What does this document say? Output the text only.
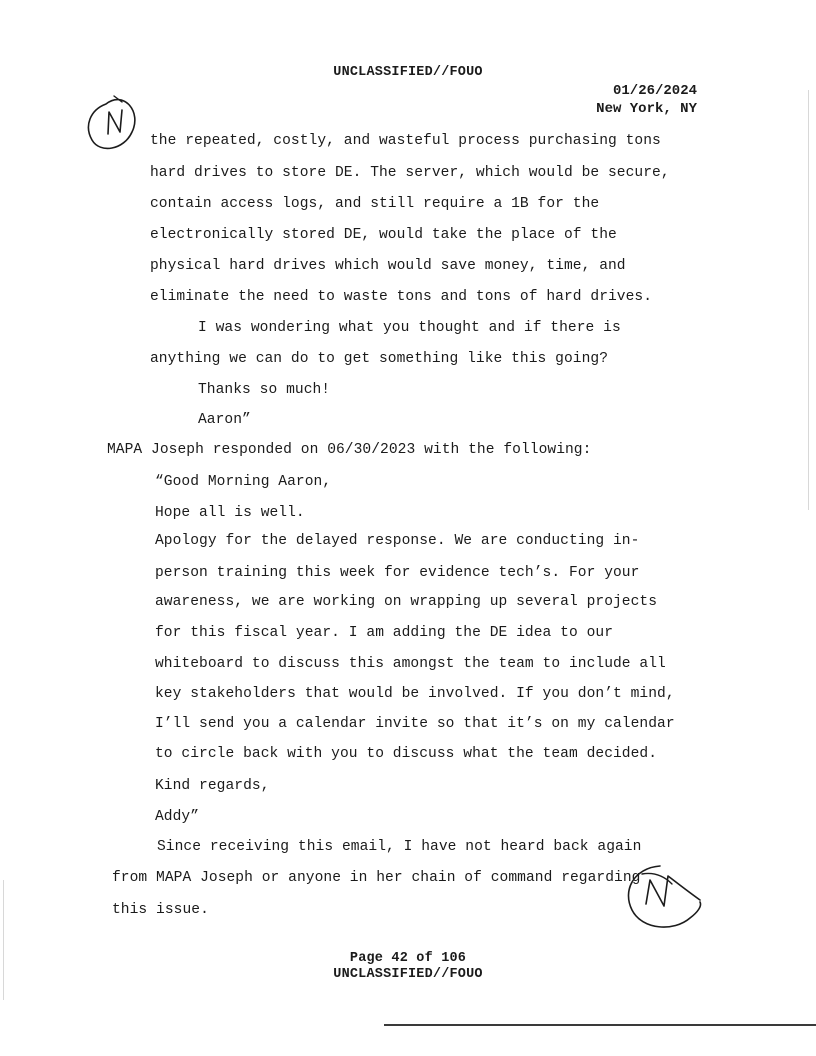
UNCLASSIFIED//FOUO
01/26/2024
New York, NY
the repeated, costly, and wasteful process purchasing tons
hard drives to store DE. The server, which would be secure,
contain access logs, and still require a 1B for the
electronically stored DE, would take the place of the
physical hard drives which would save money, time, and
eliminate the need to waste tons and tons of hard drives.
I was wondering what you thought and if there is
anything we can do to get something like this going?
Thanks so much!
Aaron”
MAPA Joseph responded on 06/30/2023 with the following:
“Good Morning Aaron,
Hope all is well.
Apology for the delayed response. We are conducting in-
person training this week for evidence tech’s. For your
awareness, we are working on wrapping up several projects
for this fiscal year. I am adding the DE idea to our
whiteboard to discuss this amongst the team to include all
key stakeholders that would be involved. If you don’t mind,
I’ll send you a calendar invite so that it’s on my calendar
to circle back with you to discuss what the team decided.
Kind regards,
Addy”
Since receiving this email, I have not heard back again
from MAPA Joseph or anyone in her chain of command regarding
this issue.
Page 42 of 106
UNCLASSIFIED//FOUO
